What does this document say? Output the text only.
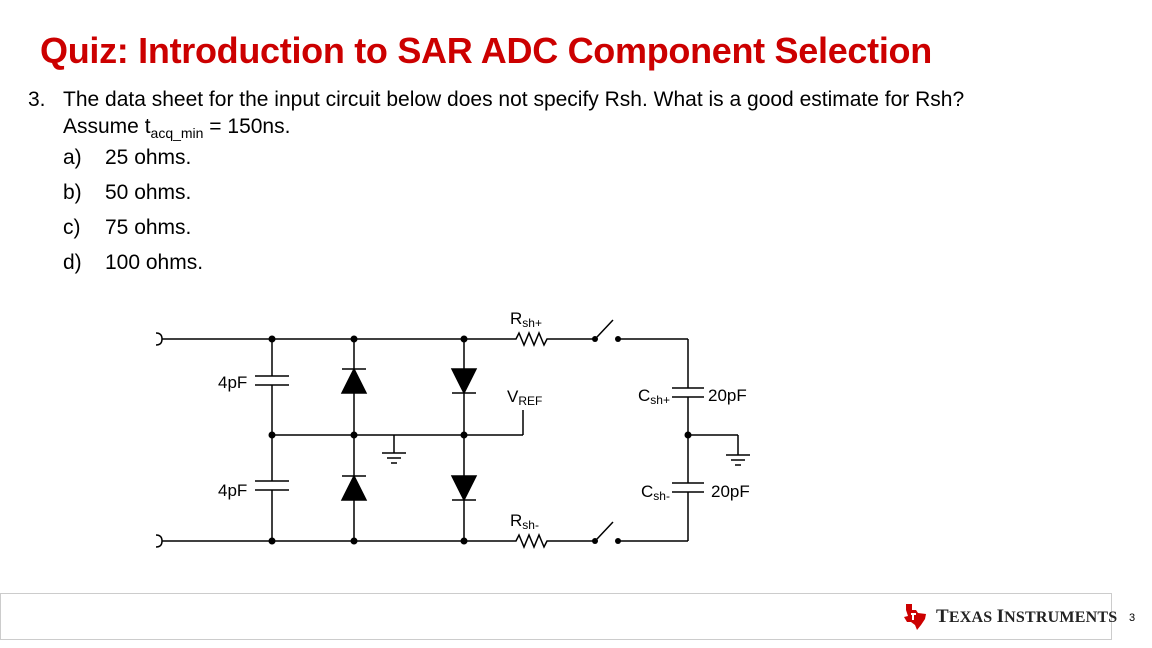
Quiz: Introduction to SAR ADC Component Selection
3. The data sheet for the input circuit below does not specify Rsh. What is a good estimate for Rsh?
Assume $t_{acq\_min} = 150ns$.
a)	25 ohms.
b)	50 ohms.
c)	75 ohms.
d)	100 ohms.
4pF
4pF
Rsh+
Rsh-
VREF	Csh+
Csh-
20pF
20pF
TEXAS INSTRUMENTS 3
